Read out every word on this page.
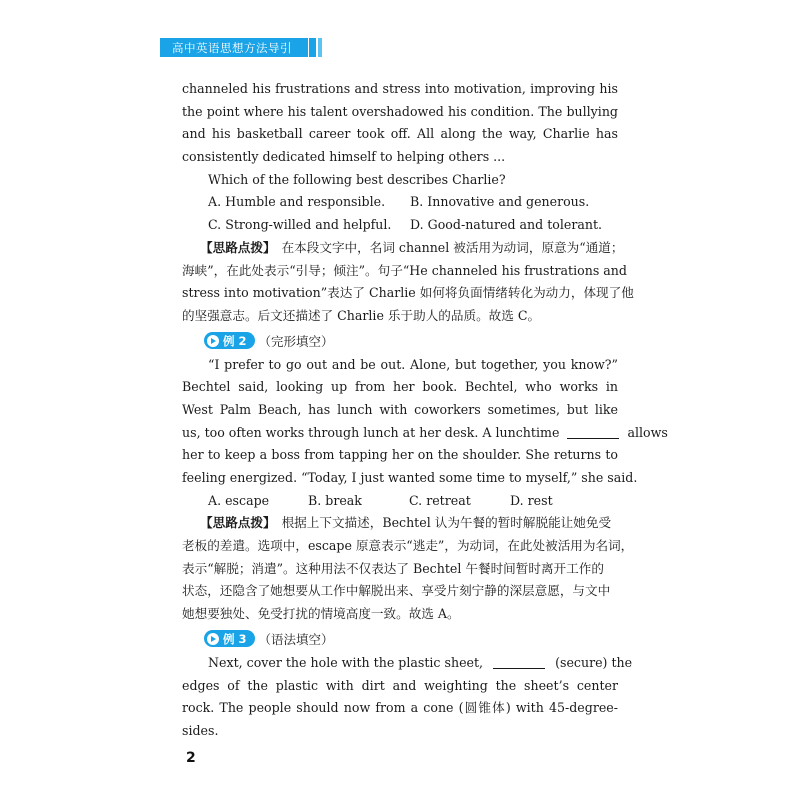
高中英语思想方法导引
channeled his frustrations and stress into motivation, improving his
the point where his talent overshadowed his condition. The bullying
and his basketball career took off. All along the way, Charlie has
consistently dedicated himself to helping others ...
Which of the following best describes Charlie?
A. Humble and responsible.	B. Innovative and generous.
C. Strong-willed and helpful.	D. Good-natured and tolerant.
【思路点拨】 在本段文字中，名词 channel 被活用为动词，原意为“通道；
海峡”，在此处表示“引导；倾注”。句子“He channeled his frustrations and
stress into motivation”表达了 Charlie 如何将负面情绪转化为动力，体现了他
的坚强意志。后文还描述了 Charlie 乐于助人的品质。故选 C。
例 2 （完形填空）
“I prefer to go out and be out. Alone, but together, you know?”
Bechtel said, looking up from her book. Bechtel, who works in
West Palm Beach, has lunch with coworkers sometimes, but like
us, too often works through lunch at her desk. A lunchtime	allows
her to keep a boss from tapping her on the shoulder. She returns to
feeling energized. “Today, I just wanted some time to myself,” she said.
A. escape	B. break	C. retreat	D. rest
【思路点拨】 根据上下文描述，Bechtel 认为午餐的暂时解脱能让她免受
老板的差遣。选项中，escape 原意表示“逃走”，为动词，在此处被活用为名词，
表示“解脱；消遣”。这种用法不仅表达了 Bechtel 午餐时间暂时离开工作的
状态，还隐含了她想要从工作中解脱出来、享受片刻宁静的深层意愿，与文中
她想要独处、免受打扰的情境高度一致。故选 A。
例 3 （语法填空）
Next, cover the hole with the plastic sheet,	(secure) the
edges of the plastic with dirt and weighting the sheet’s center
rock. The people should now from a cone (圆锥体) with 45-degree-
sides.
2
